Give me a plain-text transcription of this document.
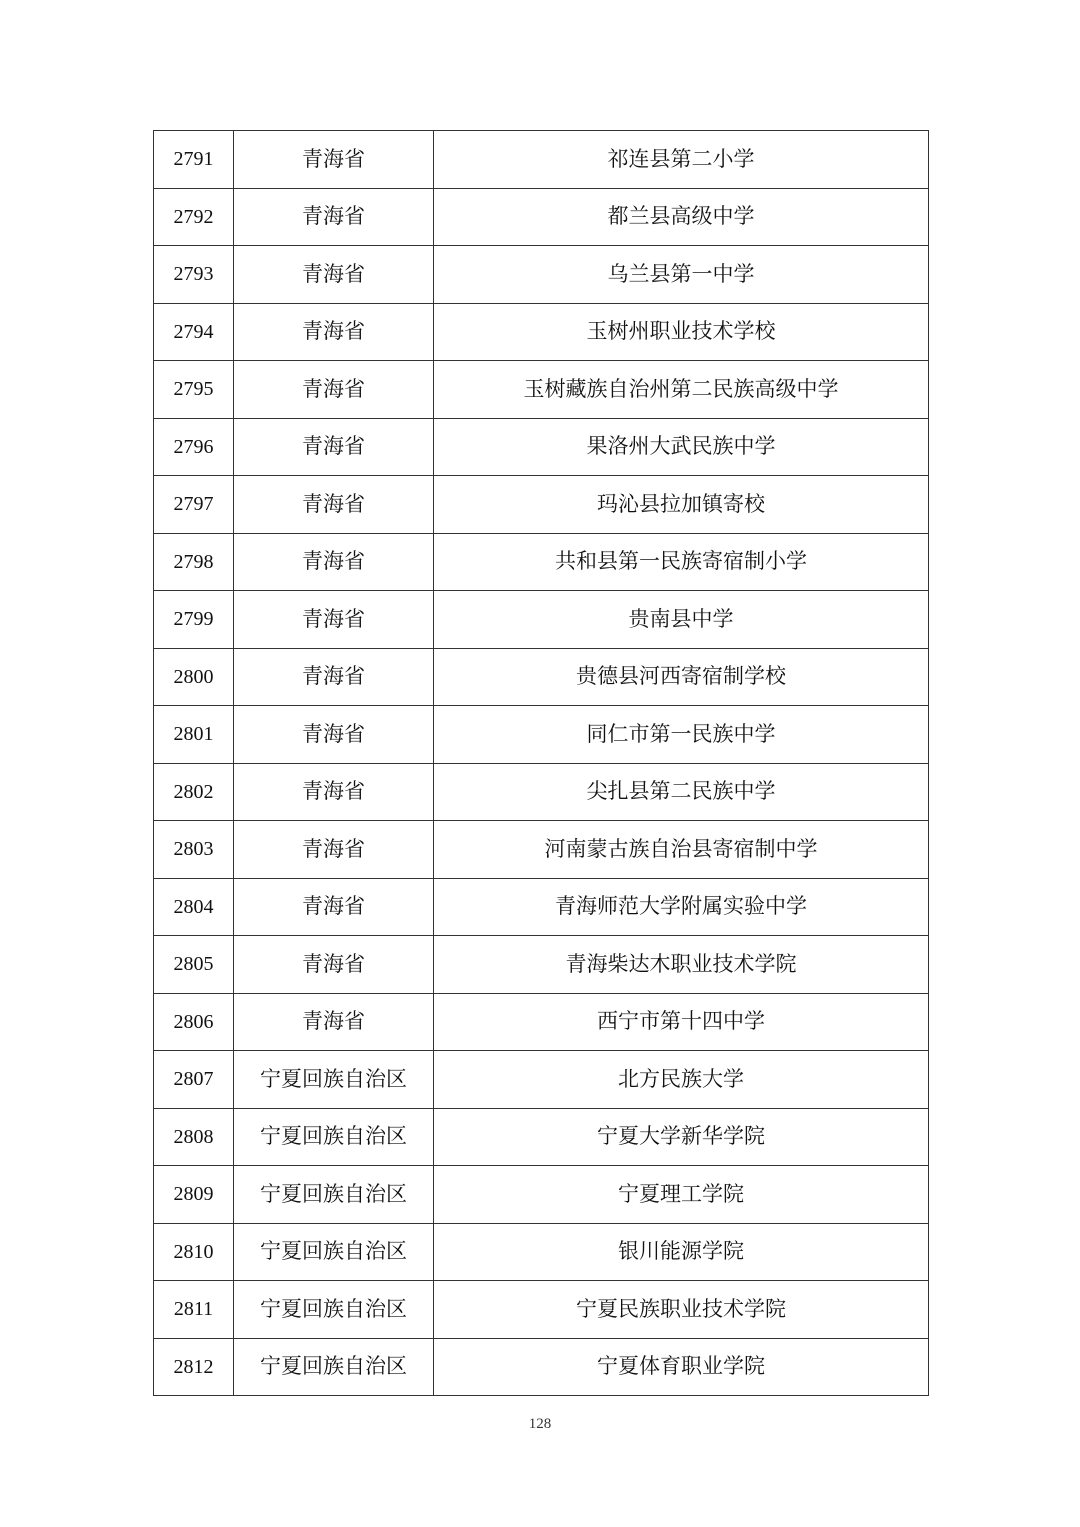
2791	青海省	祁连县第二小学
2792	青海省	都兰县高级中学
2793	青海省	乌兰县第一中学
2794	青海省	玉树州职业技术学校
2795	青海省	玉树藏族自治州第二民族高级中学
2796	青海省	果洛州大武民族中学
2797	青海省	玛沁县拉加镇寄校
2798	青海省	共和县第一民族寄宿制小学
2799	青海省	贵南县中学
2800	青海省	贵德县河西寄宿制学校
2801	青海省	同仁市第一民族中学
2802	青海省	尖扎县第二民族中学
2803	青海省	河南蒙古族自治县寄宿制中学
2804	青海省	青海师范大学附属实验中学
2805	青海省	青海柴达木职业技术学院
2806	青海省	西宁市第十四中学
2807	宁夏回族自治区	北方民族大学
2808	宁夏回族自治区	宁夏大学新华学院
2809	宁夏回族自治区	宁夏理工学院
2810	宁夏回族自治区	银川能源学院
2811	宁夏回族自治区	宁夏民族职业技术学院
2812	宁夏回族自治区	宁夏体育职业学院
128
